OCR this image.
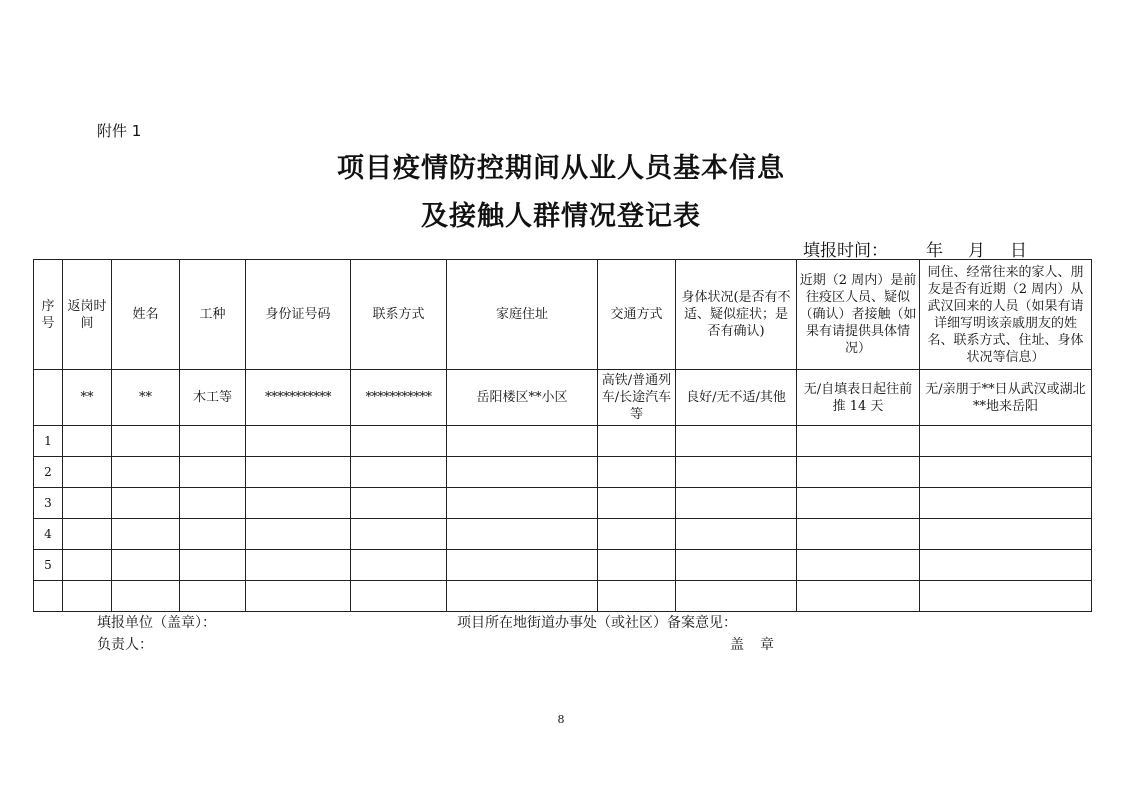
附件 1
项目疫情防控期间从业人员基本信息
及接触人群情况登记表
填报时间： 年 月 日
序号	返岗时间	姓名	工种	身份证号码	联系方式	家庭住址	交通方式	身体状况(是否有不适、疑似症状；是否有确认)	近期（2 周内）是前往疫区人员、疑似（确认）者接触（如果有请提供具体情况）	同住、经常往来的家人、朋友是否有近期（2 周内）从武汉回来的人员（如果有请详细写明该亲戚朋友的姓名、联系方式、住址、身体状况等信息）
	**	**	木工等	***********	***********	岳阳楼区**小区	高铁/普通列车/长途汽车等	良好/无不适/其他	无/自填表日起往前推 14 天	无/亲朋于**日从武汉或湖北**地来岳阳
1										
2										
3										
4										
5										

填报单位（盖章）：	项目所在地街道办事处（或社区）备案意见：
负责人：	盖 章
8
